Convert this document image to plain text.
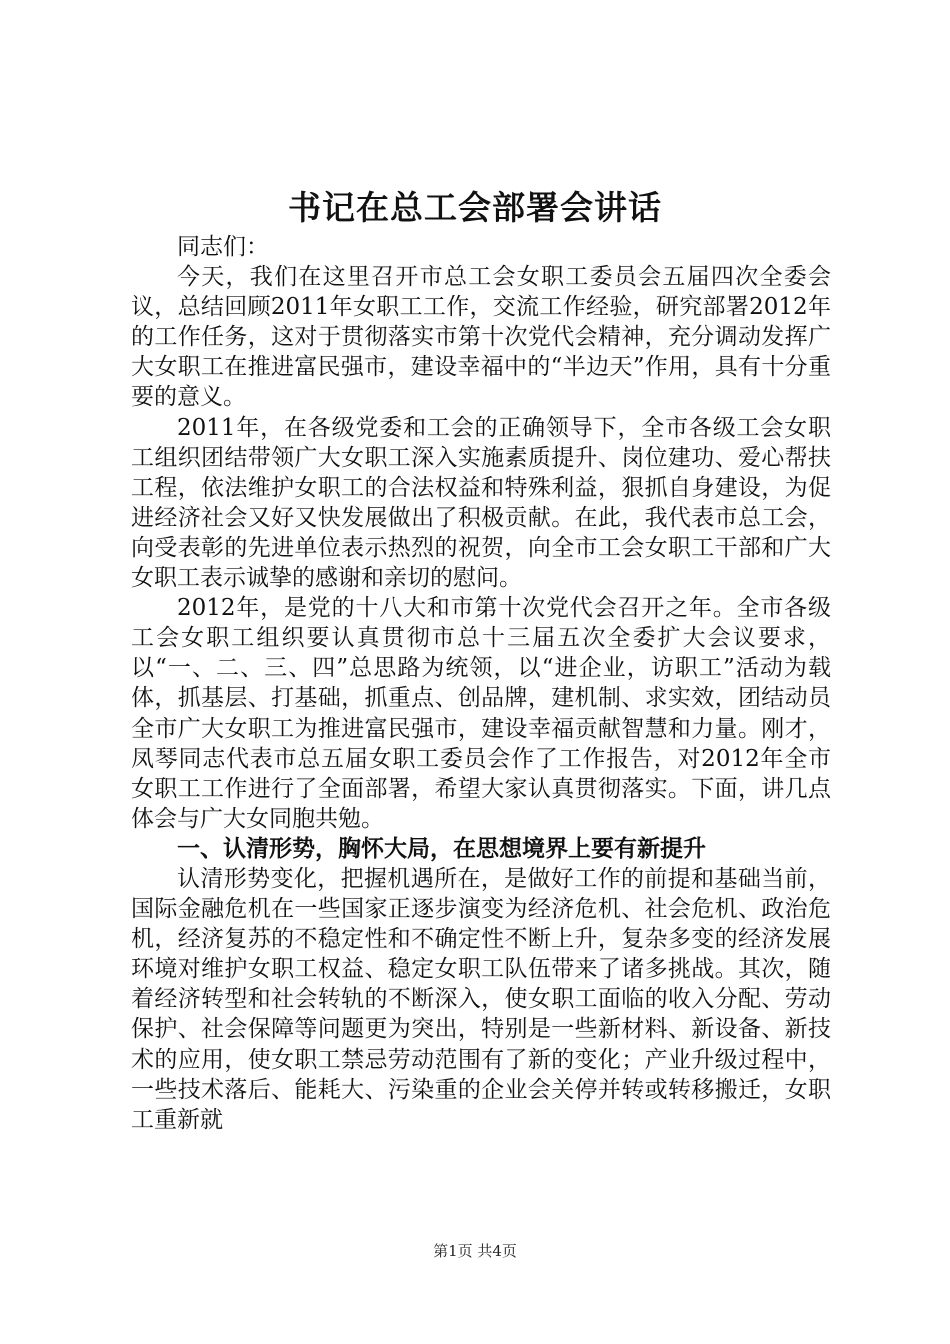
书记在总工会部署会讲话

同志们：

今天，我们在这里召开市总工会女职工委员会五届四次全委会议，总结回顾2011年女职工工作，交流工作经验，研究部署2012年的工作任务，这对于贯彻落实市第十次党代会精神，充分调动发挥广大女职工在推进富民强市，建设幸福中的“半边天”作用，具有十分重要的意义。

2011年，在各级党委和工会的正确领导下，全市各级工会女职工组织团结带领广大女职工深入实施素质提升、岗位建功、爱心帮扶工程，依法维护女职工的合法权益和特殊利益，狠抓自身建设，为促进经济社会又好又快发展做出了积极贡献。在此，我代表市总工会，向受表彰的先进单位表示热烈的祝贺，向全市工会女职工干部和广大女职工表示诚挚的感谢和亲切的慰问。

2012年，是党的十八大和市第十次党代会召开之年。全市各级工会女职工组织要认真贯彻市总十三届五次全委扩大会议要求，以“一、二、三、四”总思路为统领，以“进企业，访职工”活动为载体，抓基层、打基础，抓重点、创品牌，建机制、求实效，团结动员全市广大女职工为推进富民强市，建设幸福贡献智慧和力量。刚才，凤琴同志代表市总五届女职工委员会作了工作报告，对2012年全市女职工工作进行了全面部署，希望大家认真贯彻落实。下面，讲几点体会与广大女同胞共勉。

一、认清形势，胸怀大局，在思想境界上要有新提升

认清形势变化，把握机遇所在，是做好工作的前提和基础当前，国际金融危机在一些国家正逐步演变为经济危机、社会危机、政治危机，经济复苏的不稳定性和不确定性不断上升，复杂多变的经济发展环境对维护女职工权益、稳定女职工队伍带来了诸多挑战。其次，随着经济转型和社会转轨的不断深入，使女职工面临的收入分配、劳动保护、社会保障等问题更为突出，特别是一些新材料、新设备、新技术的应用，使女职工禁忌劳动范围有了新的变化；产业升级过程中，一些技术落后、能耗大、污染重的企业会关停并转或转移搬迁，女职工重新就

第1页 共4页
